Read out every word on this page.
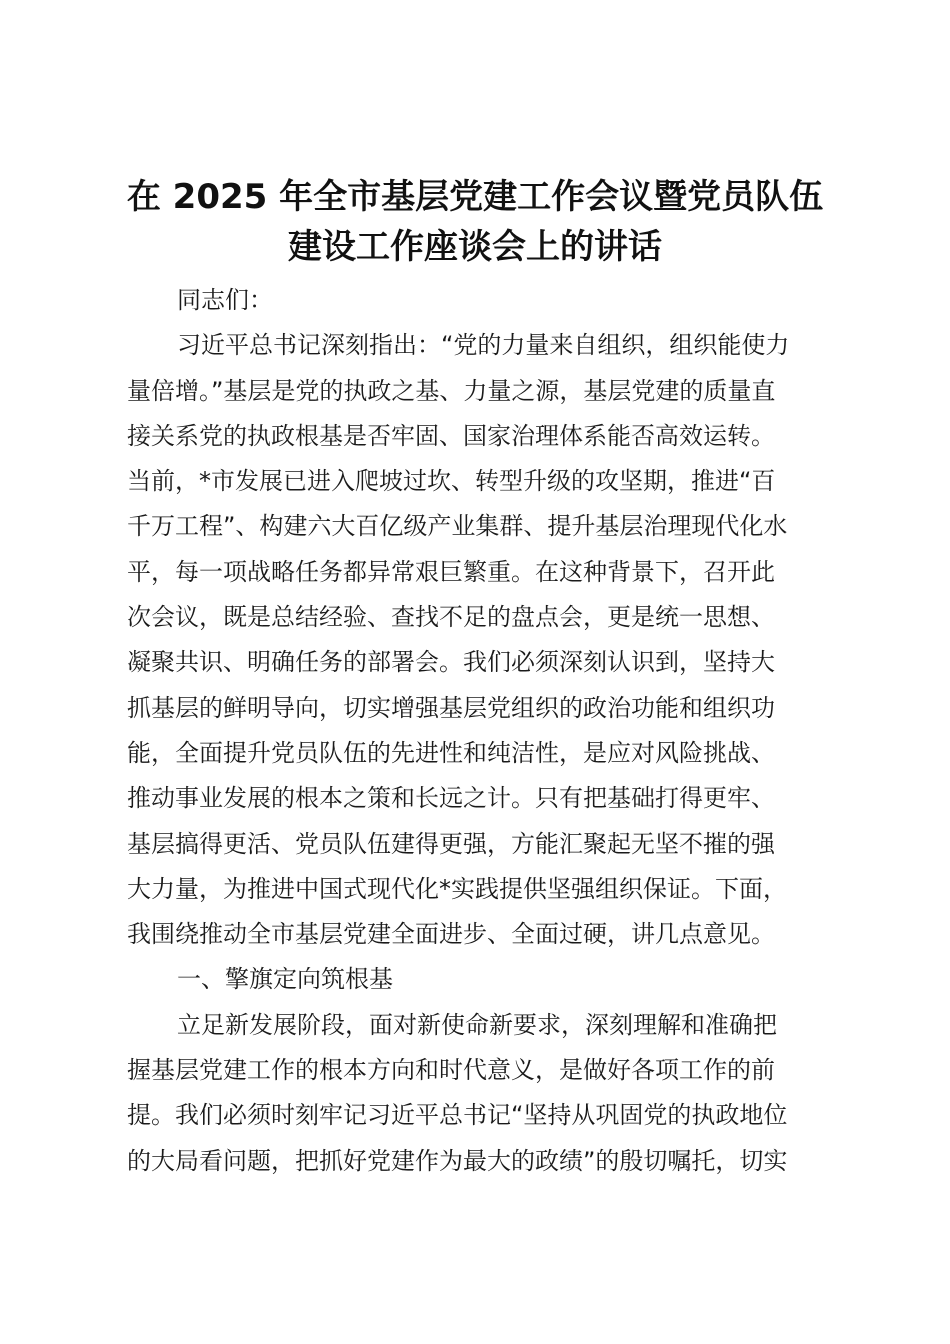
在 2025 年全市基层党建工作会议暨党员队伍
建设工作座谈会上的讲话

同志们：

习近平总书记深刻指出：“党的力量来自组织，组织能使力
量倍增。”基层是党的执政之基、力量之源，基层党建的质量直
接关系党的执政根基是否牢固、国家治理体系能否高效运转。
当前，*市发展已进入爬坡过坎、转型升级的攻坚期，推进“百
千万工程”、构建六大百亿级产业集群、提升基层治理现代化水
平，每一项战略任务都异常艰巨繁重。在这种背景下，召开此
次会议，既是总结经验、查找不足的盘点会，更是统一思想、
凝聚共识、明确任务的部署会。我们必须深刻认识到，坚持大
抓基层的鲜明导向，切实增强基层党组织的政治功能和组织功
能，全面提升党员队伍的先进性和纯洁性，是应对风险挑战、
推动事业发展的根本之策和长远之计。只有把基础打得更牢、
基层搞得更活、党员队伍建得更强，方能汇聚起无坚不摧的强
大力量，为推进中国式现代化*实践提供坚强组织保证。下面，
我围绕推动全市基层党建全面进步、全面过硬，讲几点意见。

一、擎旗定向筑根基

立足新发展阶段，面对新使命新要求，深刻理解和准确把
握基层党建工作的根本方向和时代意义，是做好各项工作的前
提。我们必须时刻牢记习近平总书记“坚持从巩固党的执政地位
的大局看问题，把抓好党建作为最大的政绩”的殷切嘱托，切实
